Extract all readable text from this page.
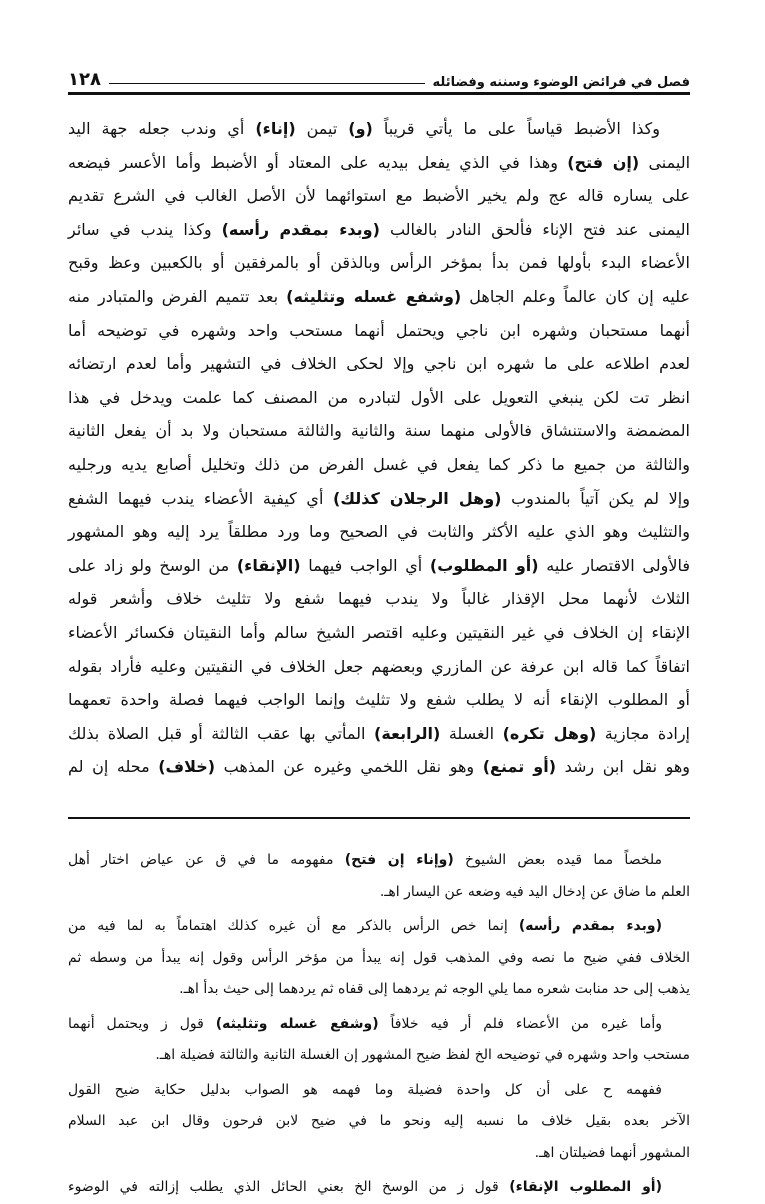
فصل في فرائض الوضوء وسننه وفضائله
١٢٨
وكذا الأضبط قياساً على ما يأتي قريباً (و) تيمن (إناء) أي وندب جعله جهة اليد
اليمنى (إن فتح) وهذا في الذي يفعل بيديه على المعتاد أو الأضبط وأما الأعسر فيضعه
على يساره قاله عج ولم يخير الأضبط مع استوائهما لأن الأصل الغالب في الشرع تقديم
اليمنى عند فتح الإناء فألحق النادر بالغالب (وبدء بمقدم رأسه) وكذا يندب في سائر
الأعضاء البدء بأولها فمن بدأ بمؤخر الرأس وبالذقن أو بالمرفقين أو بالكعبين وعظ وقبح
عليه إن كان عالماً وعلم الجاهل (وشفع غسله وتثليثه) بعد تتميم الفرض والمتبادر منه
أنهما مستحبان وشهره ابن ناجي ويحتمل أنهما مستحب واحد وشهره في توضيحه أما
لعدم اطلاعه على ما شهره ابن ناجي وإلا لحكى الخلاف في التشهير وأما لعدم ارتضائه
انظر تت لكن ينبغي التعويل على الأول لتبادره من المصنف كما علمت ويدخل في هذا
المضمضة والاستنشاق فالأولى منهما سنة والثانية والثالثة مستحبان ولا بد أن يفعل الثانية
والثالثة من جميع ما ذكر كما يفعل في غسل الفرض من ذلك وتخليل أصابع يديه ورجليه
وإلا لم يكن آتياً بالمندوب (وهل الرجلان كذلك) أي كيفية الأعضاء يندب فيهما الشفع
والتثليث وهو الذي عليه الأكثر والثابت في الصحيح وما ورد مطلقاً يرد إليه وهو المشهور
فالأولى الاقتصار عليه (أو المطلوب) أي الواجب فيهما (الإنقاء) من الوسخ ولو زاد على
الثلاث لأنهما محل الإقذار غالباً ولا يندب فيهما شفع ولا تثليث خلاف وأشعر قوله
الإنقاء إن الخلاف في غير النقيتين وعليه اقتصر الشيخ سالم وأما النقيتان فكسائر الأعضاء
اتفاقاً كما قاله ابن عرفة عن المازري وبعضهم جعل الخلاف في النقيتين وعليه فأراد بقوله
أو المطلوب الإنقاء أنه لا يطلب شفع ولا تثليث وإنما الواجب فيهما فصلة واحدة تعمهما
إرادة مجازية (وهل تكره) الغسلة (الرابعة) المأتي بها عقب الثالثة أو قبل الصلاة بذلك
وهو نقل ابن رشد (أو تمنع) وهو نقل اللخمي وغيره عن المذهب (خلاف) محله إن لم
ملخصاً مما قيده بعض الشيوخ (وإناء إن فتح) مفهومه ما في ق عن عياض اختار أهل
العلم ما ضاق عن إدخال اليد فيه وضعه عن اليسار اهـ.
(وبدء بمقدم رأسه) إنما خص الرأس بالذكر مع أن غيره كذلك اهتماماً به لما فيه من
الخلاف ففي ضيح ما نصه وفي المذهب قول إنه يبدأ من مؤخر الرأس وقول إنه يبدأ من وسطه ثم
يذهب إلى حد منابت شعره مما يلي الوجه ثم يردهما إلى قفاه ثم يردهما إلى حيث بدأ اهـ.
وأما غيره من الأعضاء فلم أر فيه خلافاً (وشفع غسله وتثليثه) قول ز ويحتمل أنهما
مستحب واحد وشهره في توضيحه الخ لفظ ضيح المشهور إن الغسلة الثانية والثالثة فضيلة اهـ.
ففهمه ح على أن كل واحدة فضيلة وما فهمه هو الصواب بدليل حكاية ضيح القول
الآخر بعده بقيل خلاف ما نسبه إليه ونحو ما في ضيح لابن فرحون وقال ابن عبد السلام
المشهور أنهما فضيلتان اهـ.
(أو المطلوب الإنقاء) قول ز من الوسخ الخ بعني الحائل الذي يطلب إزالته في الوضوء
